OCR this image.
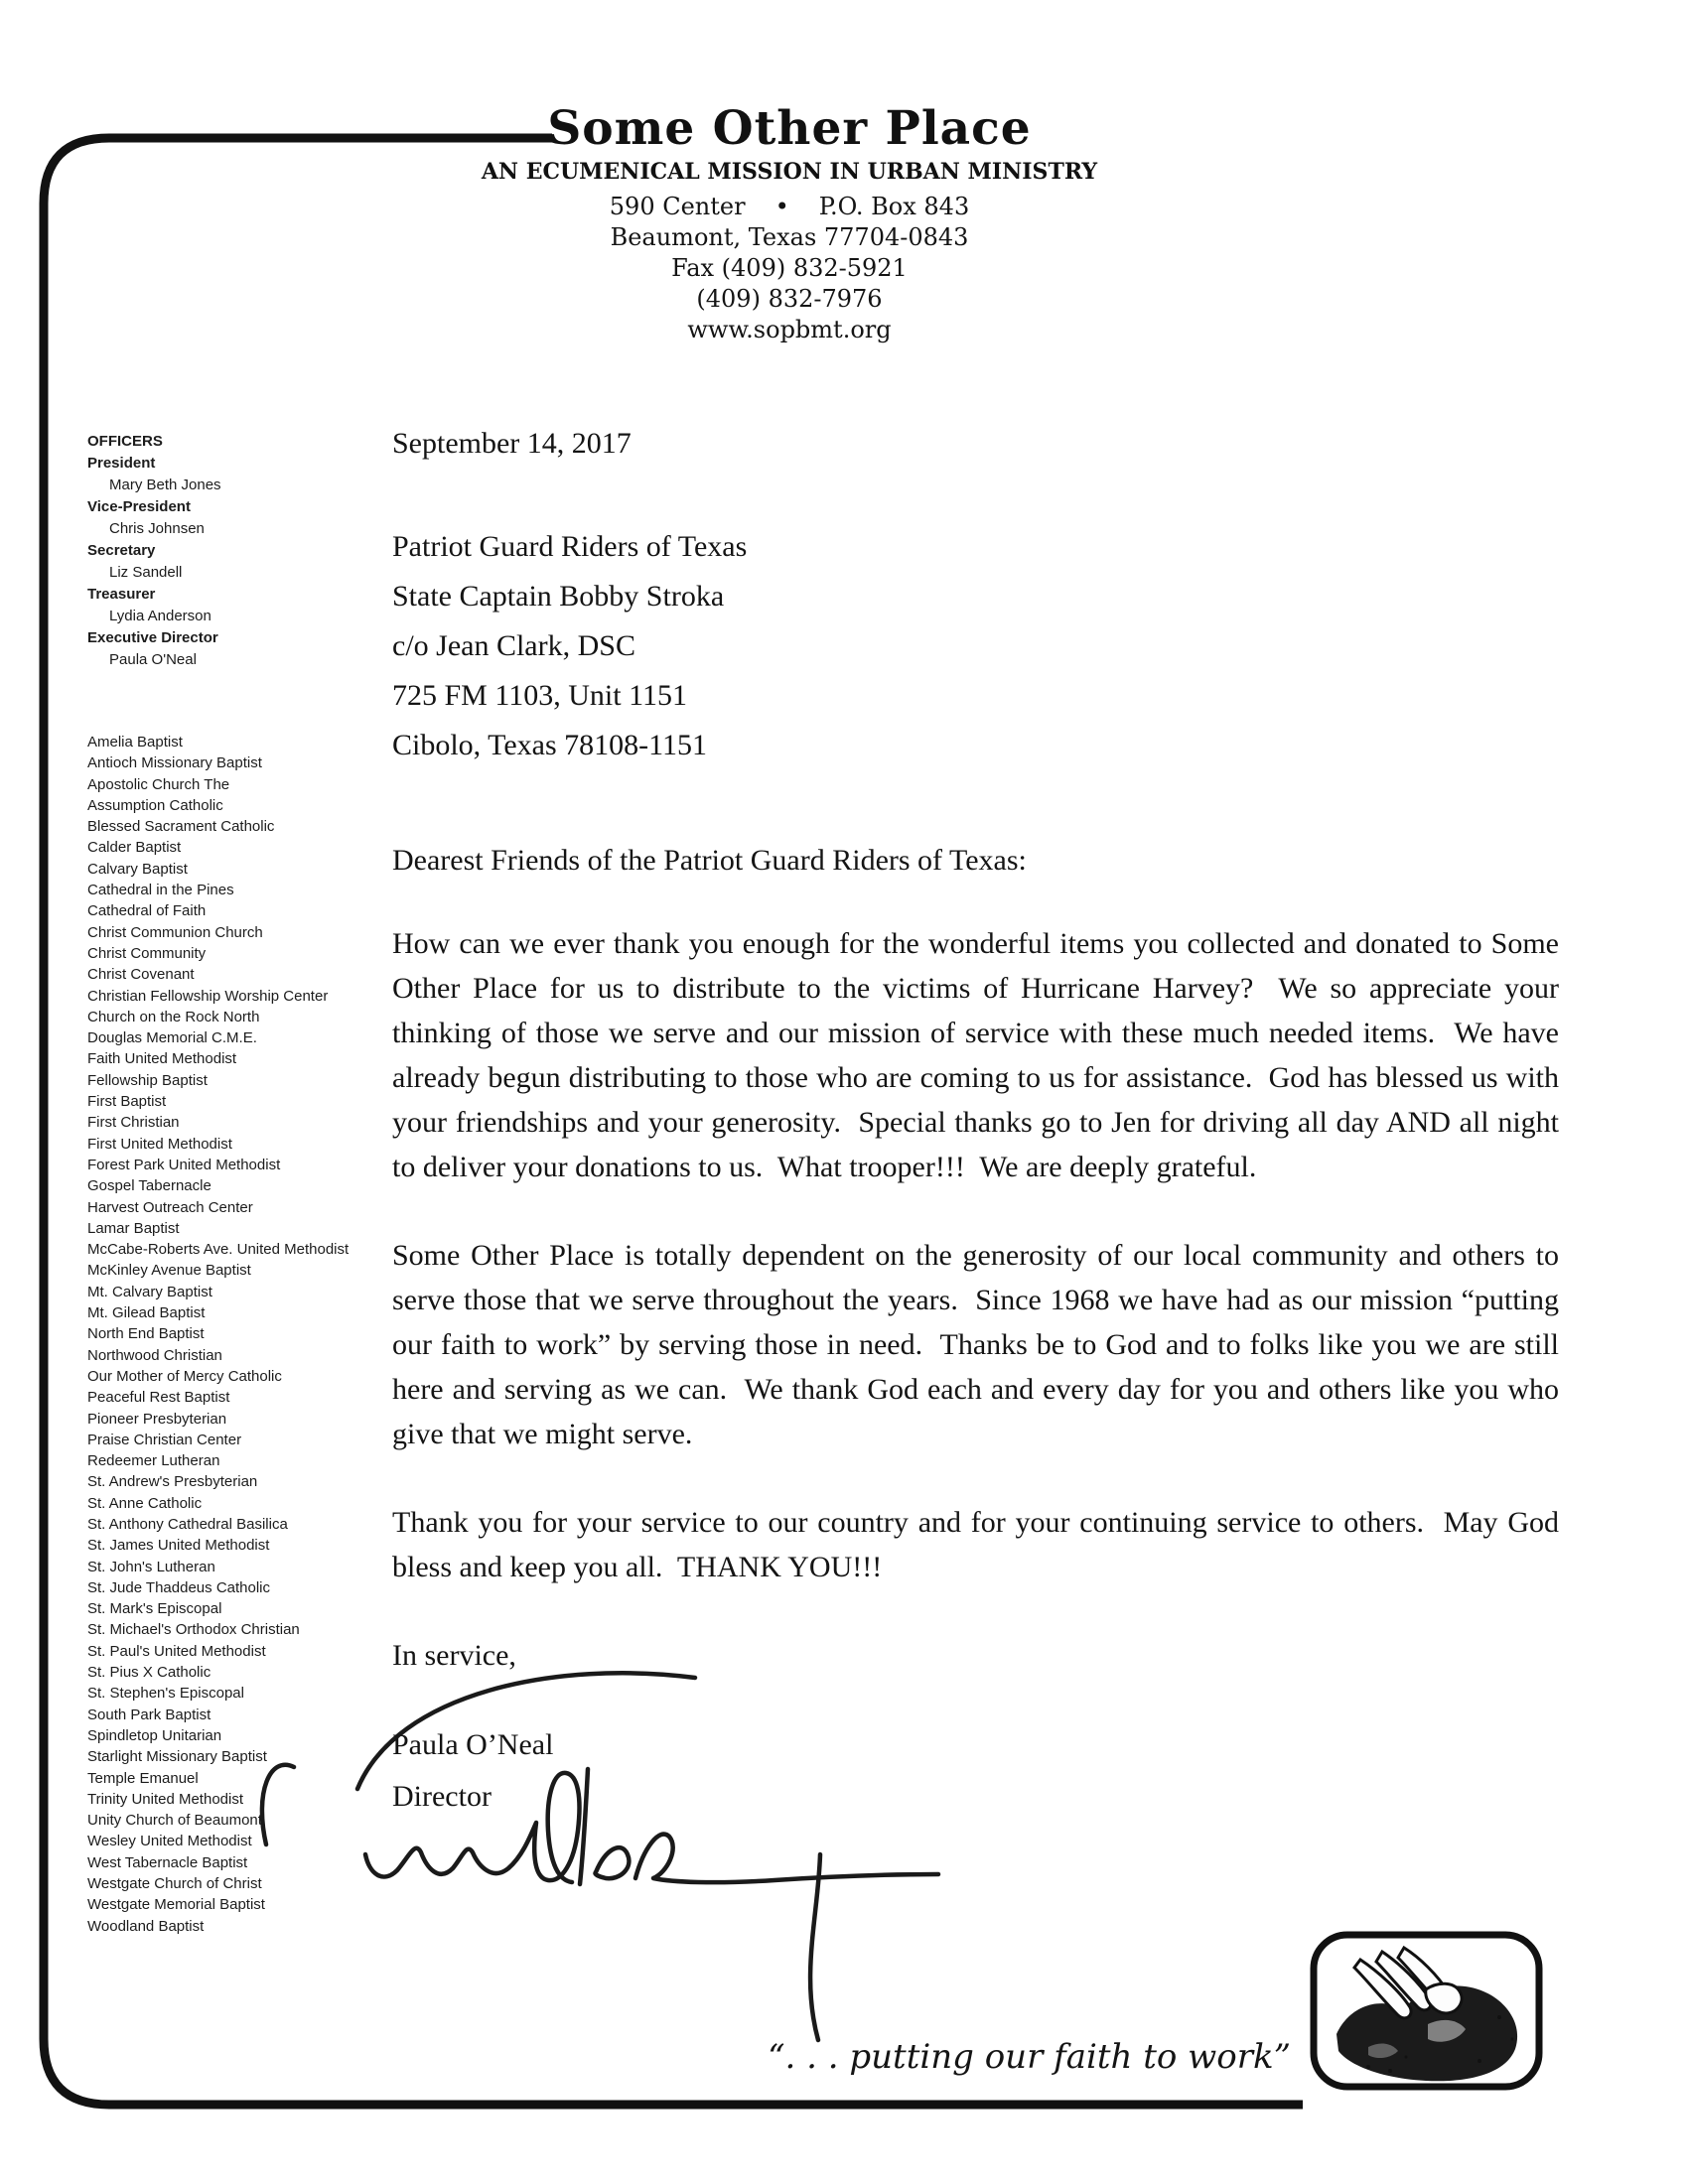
Some Other Place
AN ECUMENICAL MISSION IN URBAN MINISTRY
590 Center • P.O. Box 843
Beaumont, Texas 77704-0843
Fax (409) 832-5921
(409) 832-7976
www.sopbmt.org
OFFICERS
President
Mary Beth Jones
Vice-President
Chris Johnsen
Secretary
Liz Sandell
Treasurer
Lydia Anderson
Executive Director
Paula O'Neal
Amelia Baptist
Antioch Missionary Baptist
Apostolic Church The
Assumption Catholic
Blessed Sacrament Catholic
Calder Baptist
Calvary Baptist
Cathedral in the Pines
Cathedral of Faith
Christ Communion Church
Christ Community
Christ Covenant
Christian Fellowship Worship Center
Church on the Rock North
Douglas Memorial C.M.E.
Faith United Methodist
Fellowship Baptist
First Baptist
First Christian
First United Methodist
Forest Park United Methodist
Gospel Tabernacle
Harvest Outreach Center
Lamar Baptist
McCabe-Roberts Ave. United Methodist
McKinley Avenue Baptist
Mt. Calvary Baptist
Mt. Gilead Baptist
North End Baptist
Northwood Christian
Our Mother of Mercy Catholic
Peaceful Rest Baptist
Pioneer Presbyterian
Praise Christian Center
Redeemer Lutheran
St. Andrew's Presbyterian
St. Anne Catholic
St. Anthony Cathedral Basilica
St. James United Methodist
St. John's Lutheran
St. Jude Thaddeus Catholic
St. Mark's Episcopal
St. Michael's Orthodox Christian
St. Paul's United Methodist
St. Pius X Catholic
St. Stephen's Episcopal
South Park Baptist
Spindletop Unitarian
Starlight Missionary Baptist
Temple Emanuel
Trinity United Methodist
Unity Church of Beaumont
Wesley United Methodist
West Tabernacle Baptist
Westgate Church of Christ
Westgate Memorial Baptist
Woodland Baptist
September 14, 2017
Patriot Guard Riders of Texas
State Captain Bobby Stroka
c/o Jean Clark, DSC
725 FM 1103, Unit 1151
Cibolo, Texas 78108-1151
Dearest Friends of the Patriot Guard Riders of Texas:
How can we ever thank you enough for the wonderful items you collected and donated to Some Other Place for us to distribute to the victims of Hurricane Harvey?  We so appreciate your thinking of those we serve and our mission of service with these much needed items.  We have already begun distributing to those who are coming to us for assistance.  God has blessed us with your friendships and your generosity.  Special thanks go to Jen for driving all day AND all night to deliver your donations to us.  What trooper!!!  We are deeply grateful.
Some Other Place is totally dependent on the generosity of our local community and others to serve those that we serve throughout the years.  Since 1968 we have had as our mission “putting our faith to work” by serving those in need.  Thanks be to God and to folks like you we are still here and serving as we can.  We thank God each and every day for you and others like you who give that we might serve.
Thank you for your service to our country and for your continuing service to others.  May God bless and keep you all.  THANK YOU!!!
In service,
Paula O’Neal
Director
“. . . putting our faith to work”
